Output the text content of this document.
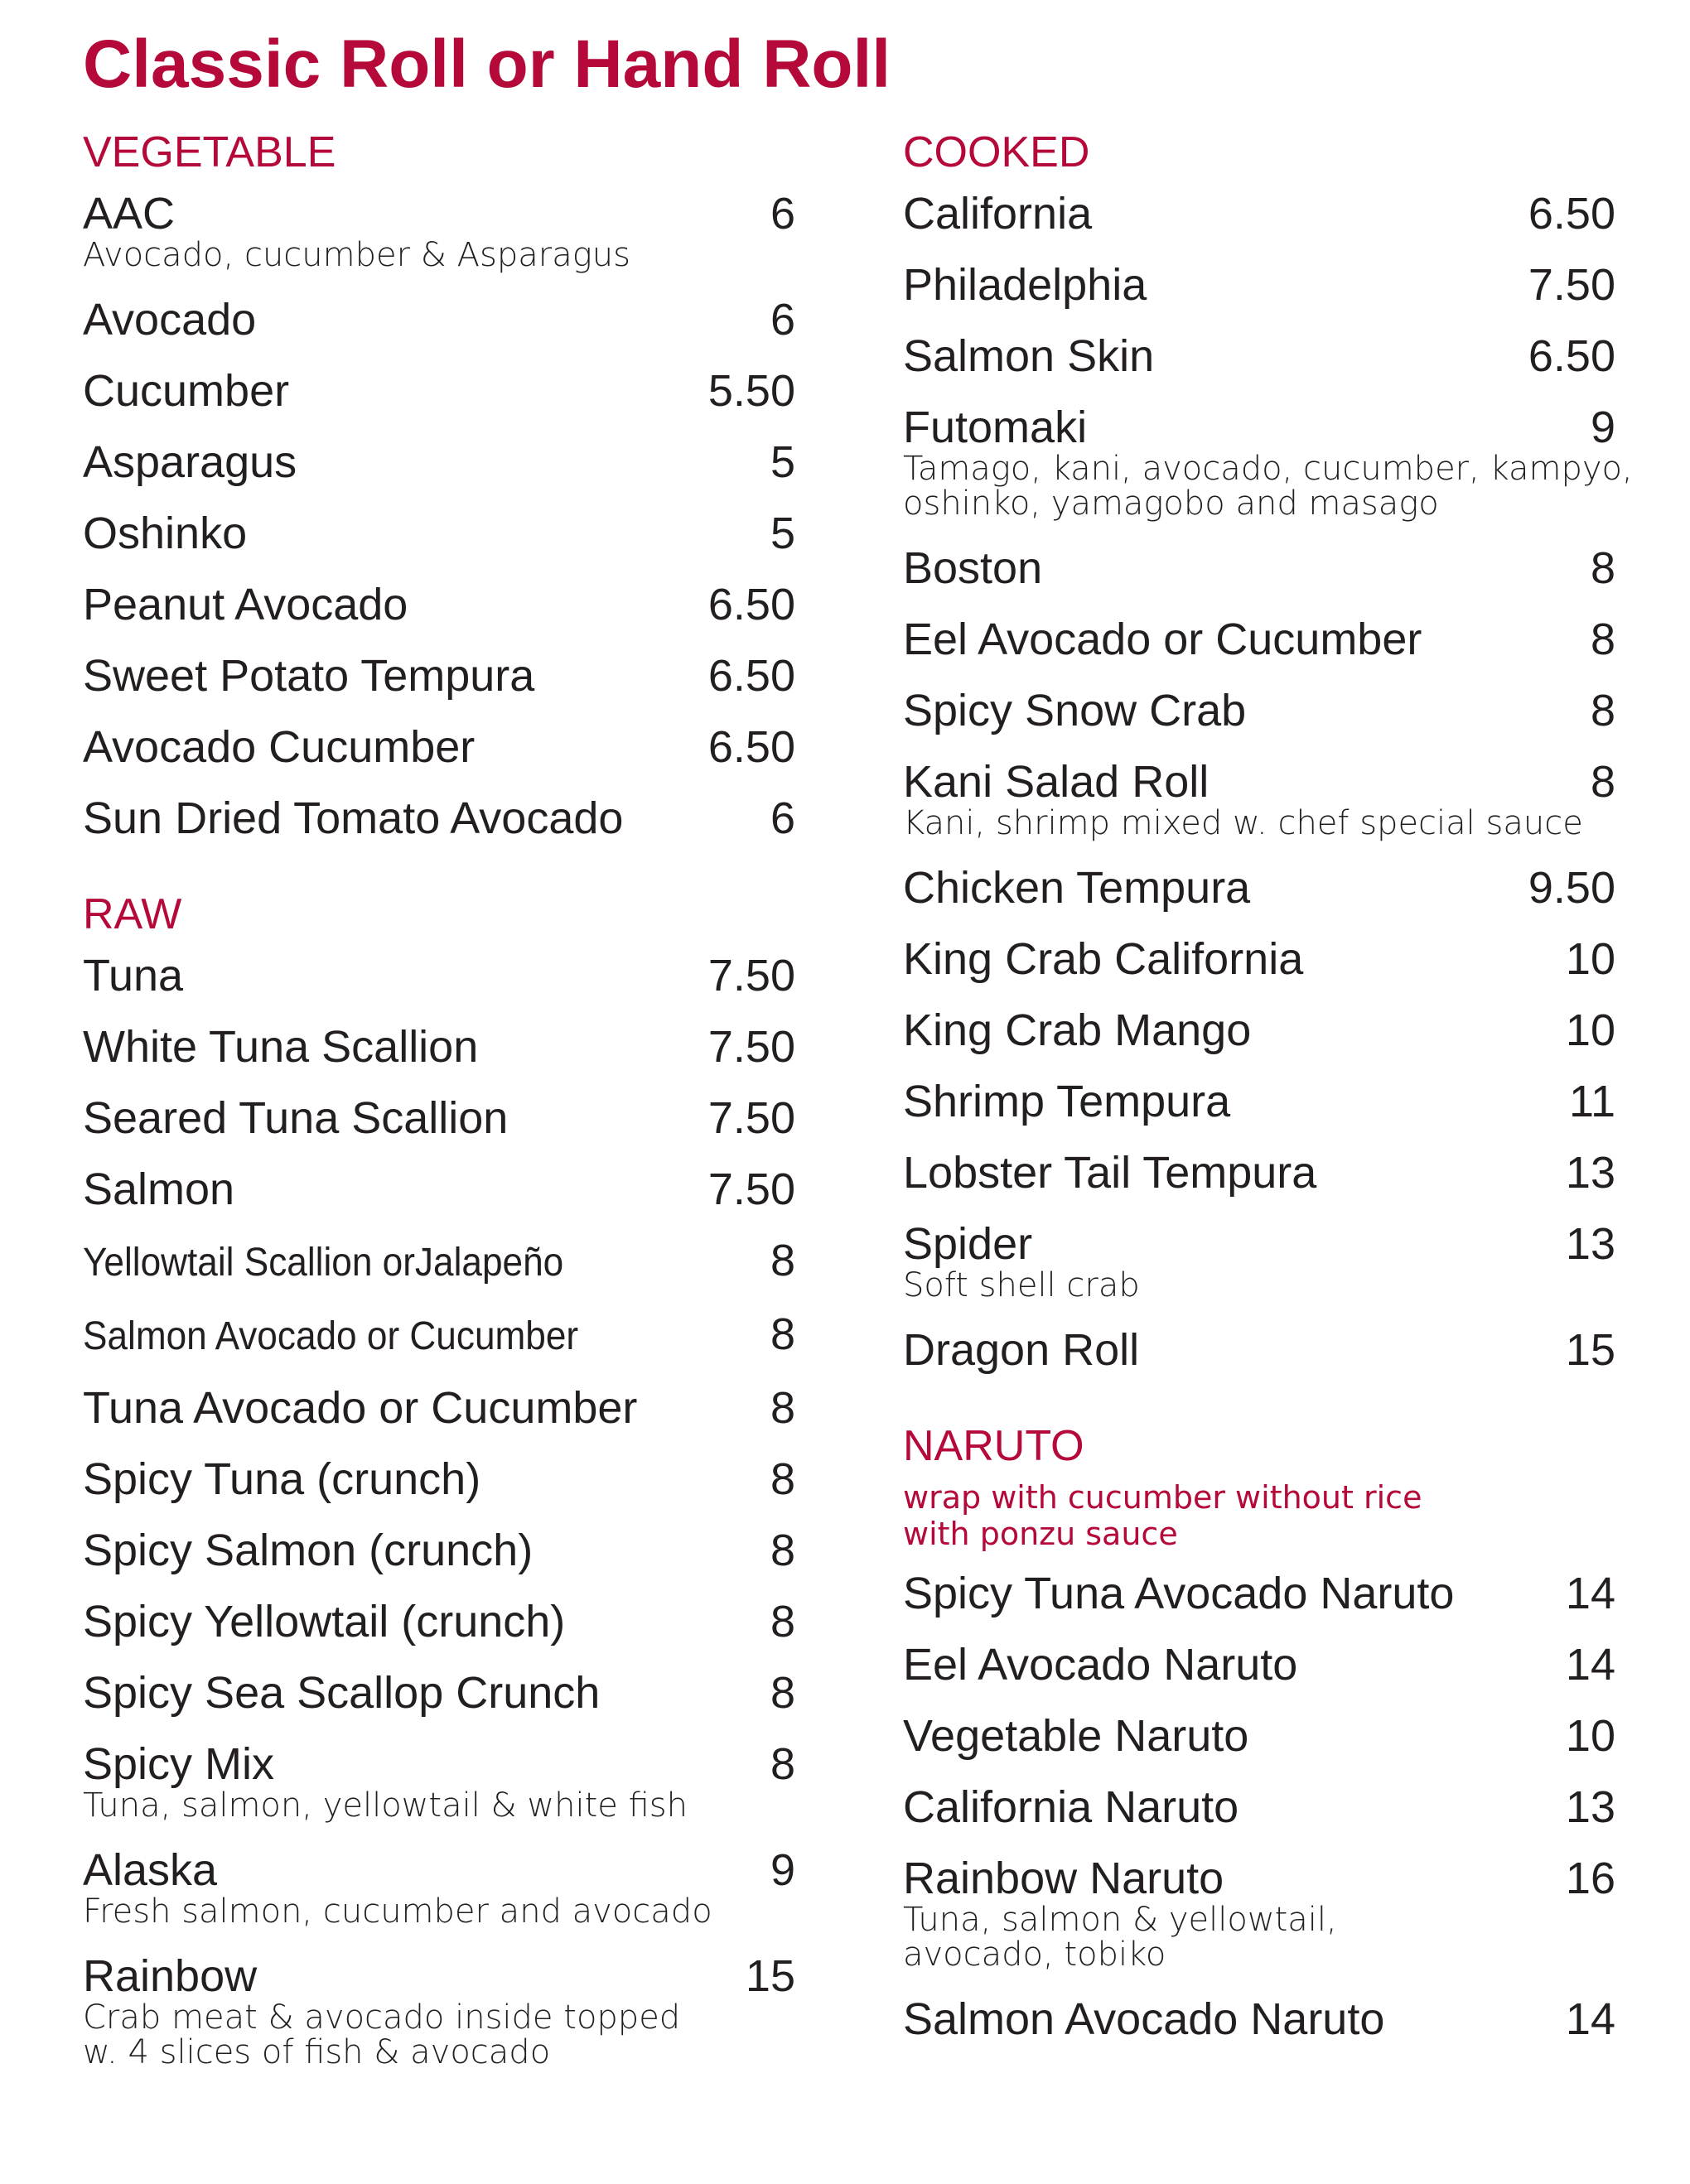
Classic Roll or Hand Roll
VEGETABLE
AAC	6
Avocado, cucumber & Asparagus
Avocado	6
Cucumber	5.50
Asparagus	5
Oshinko	5
Peanut Avocado	6.50
Sweet Potato Tempura	6.50
Avocado Cucumber	6.50
Sun Dried Tomato Avocado	6
RAW
Tuna	7.50
White Tuna Scallion	7.50
Seared Tuna Scallion	7.50
Salmon	7.50
Yellowtail Scallion orJalapeño	8
Salmon Avocado or Cucumber	8
Tuna Avocado or Cucumber	8
Spicy Tuna (crunch)	8
Spicy Salmon (crunch)	8
Spicy Yellowtail (crunch)	8
Spicy Sea Scallop Crunch	8
Spicy Mix	8
Tuna, salmon, yellowtail & white fish
Alaska	9
Fresh salmon, cucumber and avocado
Rainbow	15
Crab meat & avocado inside topped
w. 4 slices of fish & avocado
COOKED
California	6.50
Philadelphia	7.50
Salmon Skin	6.50
Futomaki	9
Tamago, kani, avocado, cucumber, kampyo,
oshinko, yamagobo and masago
Boston	8
Eel Avocado or Cucumber	8
Spicy Snow Crab	8
Kani Salad Roll	8
Kani, shrimp mixed w. chef special sauce
Chicken Tempura	9.50
King Crab California	10
King Crab Mango	10
Shrimp Tempura	11
Lobster Tail Tempura	13
Spider	13
Soft shell crab
Dragon Roll	15
NARUTO
wrap with cucumber without rice
with ponzu sauce
Spicy Tuna Avocado Naruto 14
Eel Avocado Naruto	14
Vegetable Naruto	10
California Naruto	13
Rainbow Naruto	16
Tuna, salmon & yellowtail,
avocado, tobiko
Salmon Avocado Naruto	14
